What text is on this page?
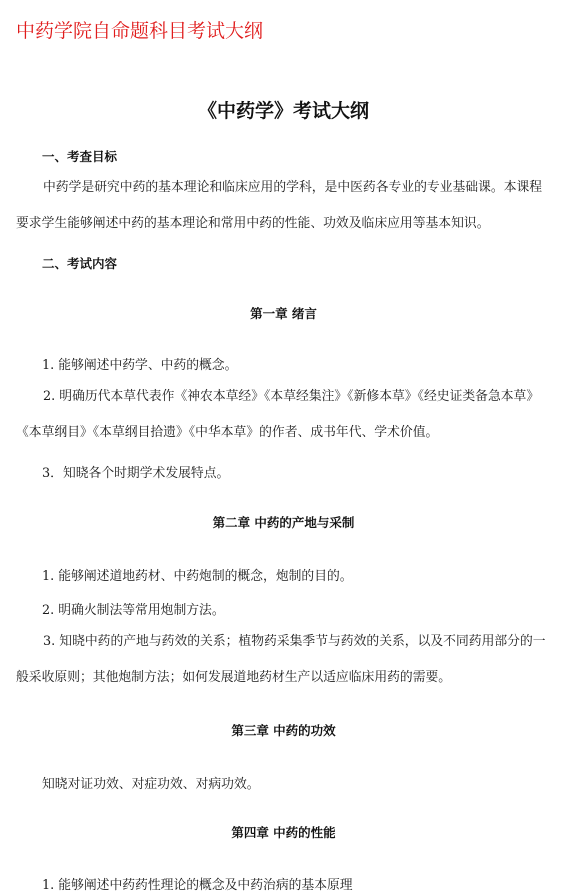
中药学院自命题科目考试大纲
《中药学》考试大纲
一、考查目标

中药学是研究中药的基本理论和临床应用的学科，是中医药各专业的专业基础课。本课程要求学生能够阐述中药的基本理论和常用中药的性能、功效及临床应用等基本知识。

二、考试内容
第一章 绪言
1. 能够阐述中药学、中药的概念。

2. 明确历代本草代表作《神农本草经》《本草经集注》《新修本草》《经史证类备急本草》《本草纲目》《本草纲目拾遗》《中华本草》的作者、成书年代、学术价值。

3．知晓各个时期学术发展特点。
第二章 中药的产地与采制
1. 能够阐述道地药材、中药炮制的概念，炮制的目的。
2. 明确火制法等常用炮制方法。

3. 知晓中药的产地与药效的关系；植物药采集季节与药效的关系，以及不同药用部分的一般采收原则；其他炮制方法；如何发展道地药材生产以适应临床用药的需要。

第三章 中药的功效
知晓对证功效、对症功效、对病功效。
第四章 中药的性能
1. 能够阐述中药药性理论的概念及中药治病的基本原理
